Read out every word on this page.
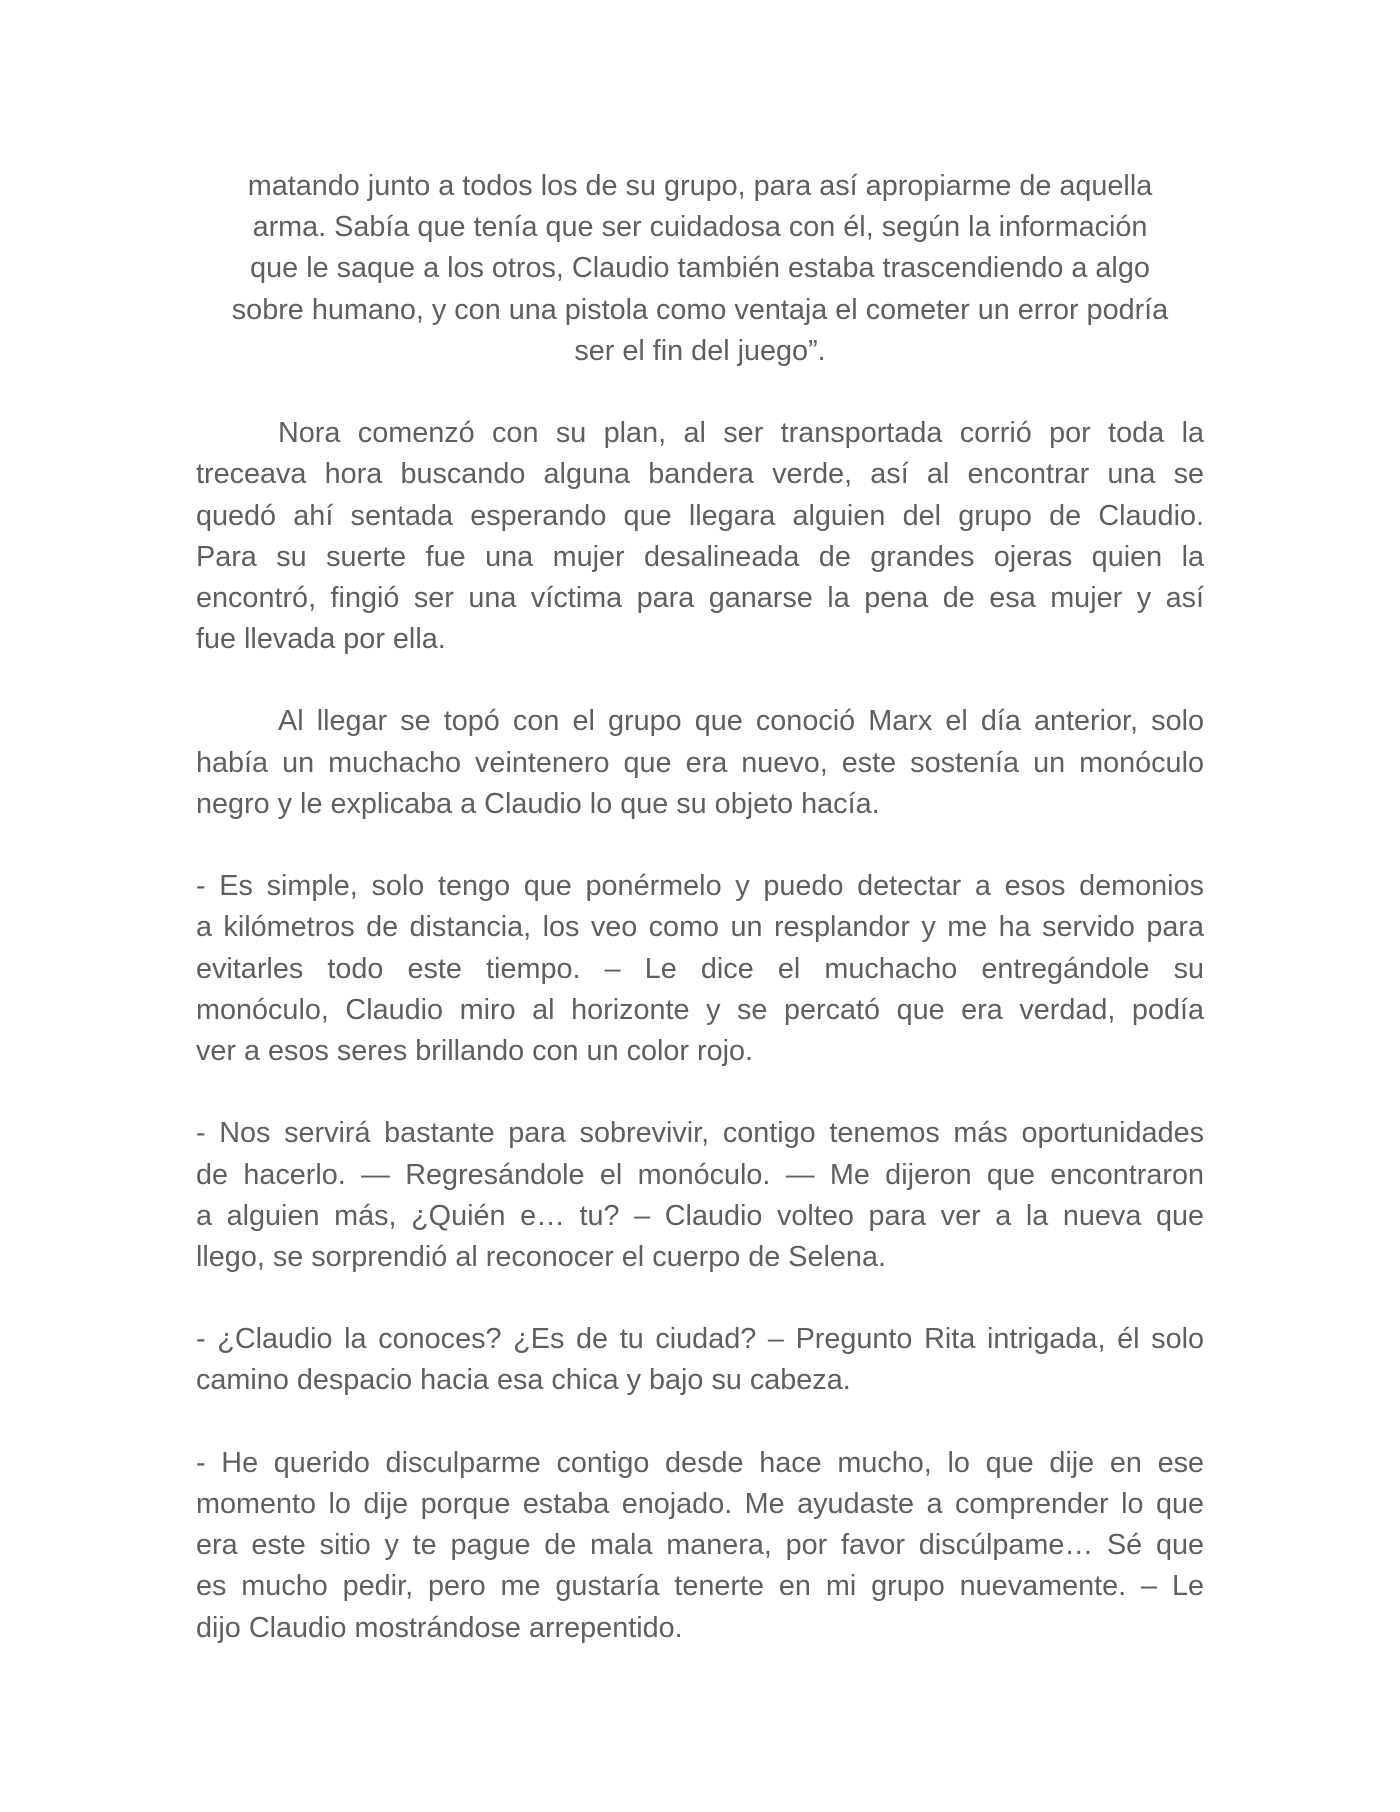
matando junto a todos los de su grupo, para así apropiarme de aquella
arma. Sabía que tenía que ser cuidadosa con él, según la información
que le saque a los otros, Claudio también estaba trascendiendo a algo
sobre humano, y con una pistola como ventaja el cometer un error podría
ser el fin del juego”.
Nora comenzó con su plan, al ser transportada corrió por toda la
treceava hora buscando alguna bandera verde, así al encontrar una se
quedó ahí sentada esperando que llegara alguien del grupo de Claudio.
Para su suerte fue una mujer desalineada de grandes ojeras quien la
encontró, fingió ser una víctima para ganarse la pena de esa mujer y así
fue llevada por ella.
Al llegar se topó con el grupo que conoció Marx el día anterior, solo
había un muchacho veintenero que era nuevo, este sostenía un monóculo
negro y le explicaba a Claudio lo que su objeto hacía.
- Es simple, solo tengo que ponérmelo y puedo detectar a esos demonios
a kilómetros de distancia, los veo como un resplandor y me ha servido para
evitarles todo este tiempo. – Le dice el muchacho entregándole su
monóculo, Claudio miro al horizonte y se percató que era verdad, podía
ver a esos seres brillando con un color rojo.
- Nos servirá bastante para sobrevivir, contigo tenemos más oportunidades
de hacerlo. — Regresándole el monóculo. — Me dijeron que encontraron
a alguien más, ¿Quién e… tu? – Claudio volteo para ver a la nueva que
llego, se sorprendió al reconocer el cuerpo de Selena.
- ¿Claudio la conoces? ¿Es de tu ciudad? – Pregunto Rita intrigada, él solo
camino despacio hacia esa chica y bajo su cabeza.
- He querido disculparme contigo desde hace mucho, lo que dije en ese
momento lo dije porque estaba enojado. Me ayudaste a comprender lo que
era este sitio y te pague de mala manera, por favor discúlpame… Sé que
es mucho pedir, pero me gustaría tenerte en mi grupo nuevamente. – Le
dijo Claudio mostrándose arrepentido.
